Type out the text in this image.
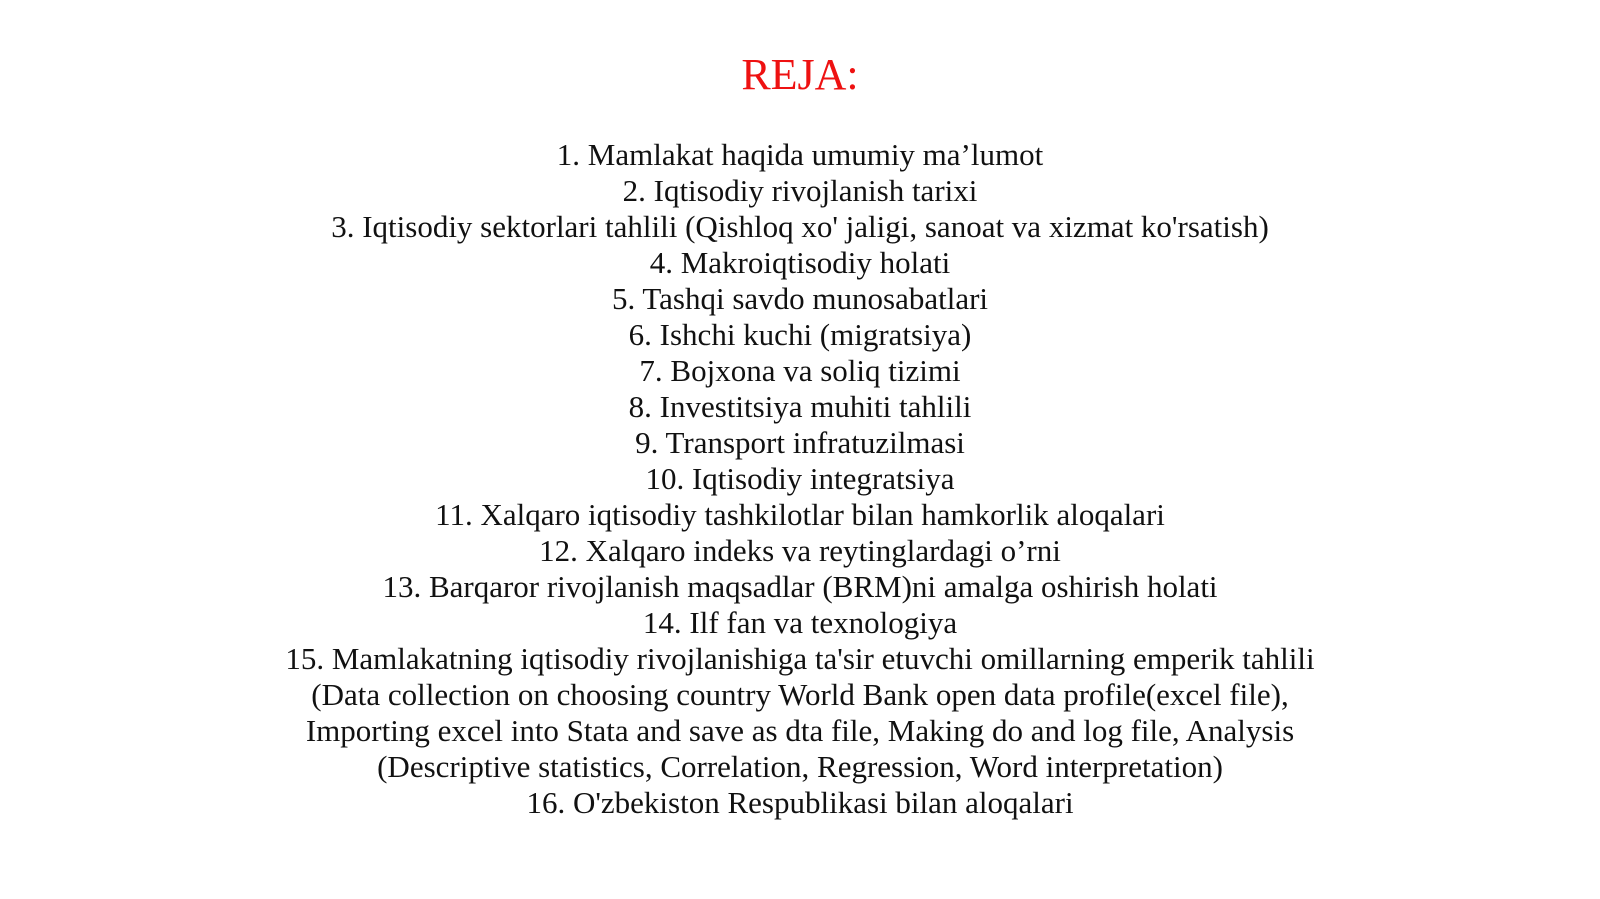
REJA:
1. Mamlakat haqida umumiy ma’lumot
2. Iqtisodiy rivojlanish tarixi
3. Iqtisodiy sektorlari tahlili (Qishloq xo' jaligi, sanoat va xizmat ko'rsatish)
4. Makroiqtisodiy holati
5. Tashqi savdo munosabatlari
6. Ishchi kuchi (migratsiya)
7. Bojxona va soliq tizimi
8. Investitsiya muhiti tahlili
9. Transport infratuzilmasi
10. Iqtisodiy integratsiya
11. Xalqaro iqtisodiy tashkilotlar bilan hamkorlik aloqalari
12. Xalqaro indeks va reytinglardagi o’rni
13. Barqaror rivojlanish maqsadlar (BRM)ni amalga oshirish holati
14. Ilf fan va texnologiya
15. Mamlakatning iqtisodiy rivojlanishiga ta'sir etuvchi omillarning emperik tahlili
(Data collection on choosing country World Bank open data profile(excel file),
Importing excel into Stata and save as dta file, Making do and log file, Analysis
(Descriptive statistics, Correlation, Regression, Word interpretation)
16. O'zbekiston Respublikasi bilan aloqalari
